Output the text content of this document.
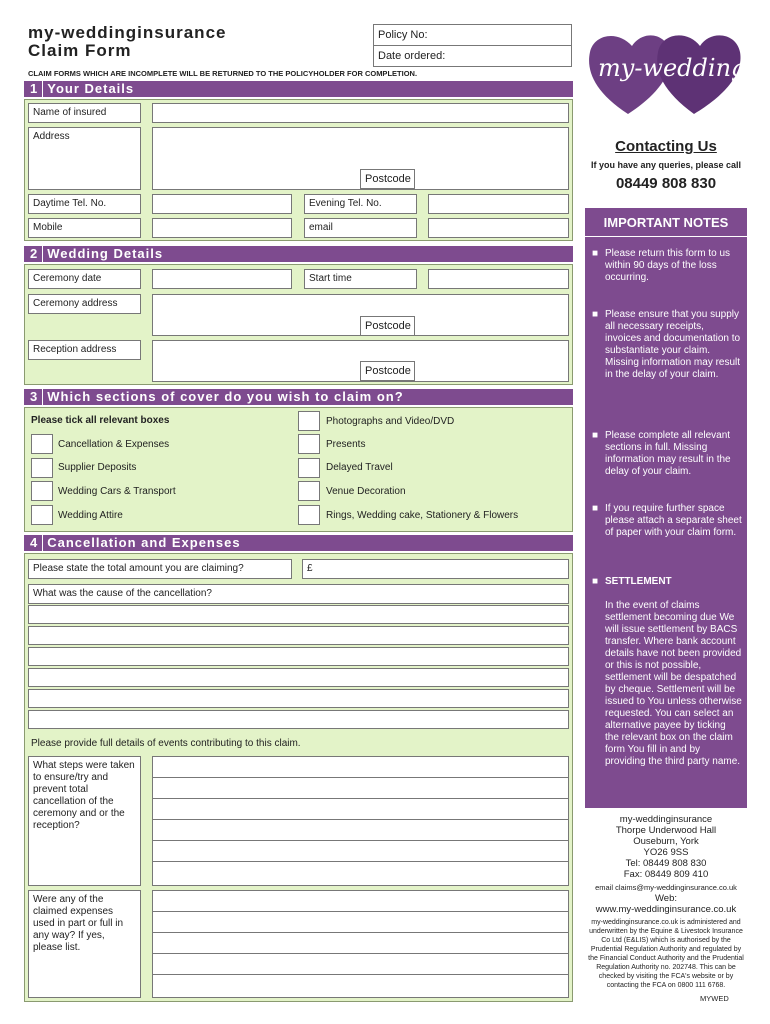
my-weddinginsurance
Claim Form
Policy No:
Date ordered:
CLAIM FORMS WHICH ARE INCOMPLETE WILL BE RETURNED TO THE POLICYHOLDER FOR COMPLETION.	my-wedding
Contacting Us
If you have any queries, please call
08449 808 830
1 Your Details
Name of insured
Address
Postcode
Daytime Tel. No.	Evening Tel. No.
Mobile	email
2 Wedding Details
Ceremony date	Start time
Ceremony address
Postcode
Reception address
Postcode
3 Which sections of cover do you wish to claim on?
Please tick all relevant boxes
Cancellation & Expenses
Supplier Deposits
Wedding Cars & Transport
Wedding Attire
Photographs and Video/DVD
Presents
Delayed Travel
Venue Decoration
Rings, Wedding cake, Stationery & Flowers
4 Cancellation and Expenses
Please state the total amount you are claiming?	£
What was the cause of the cancellation?
Please provide full details of events contributing to this claim.
What steps were taken to ensure/try and prevent total cancellation of the ceremony and or the reception?
Were any of the claimed expenses used in part or full in any way? If yes, please list.
IMPORTANT NOTES
■ Please return this form to us within 90 days of the loss occurring.
■ Please ensure that you supply all necessary receipts, invoices and documentation to substantiate your claim. Missing information may result in the delay of your claim.
■ Please complete all relevant sections in full. Missing information may result in the delay of your claim.
■ If you require further space please attach a separate sheet of paper with your claim form.
■ SETTLEMENT
In the event of claims settlement becoming due We will issue settlement by BACS transfer. Where bank account details have not been provided or this is not possible, settlement will be despatched by cheque. Settlement will be issued to You unless otherwise requested. You can select an alternative payee by ticking the relevant box on the claim form You fill in and by providing the third party name.
my-weddinginsurance
Thorpe Underwood Hall
Ouseburn, York
YO26 9SS
Tel: 08449 808 830
Fax: 08449 809 410
email claims@my-weddinginsurance.co.uk
Web:
www.my-weddinginsurance.co.uk
my-weddinginsurance.co.uk is administered and underwritten by the Equine & Livestock Insurance Co Ltd (E&LIS) which is authorised by the Prudential Regulation Authority and regulated by the Financial Conduct Authority and the Prudential Regulation Authority no. 202748. This can be checked by visiting the FCA's website or by contacting the FCA on 0800 111 6768.
MYWED
